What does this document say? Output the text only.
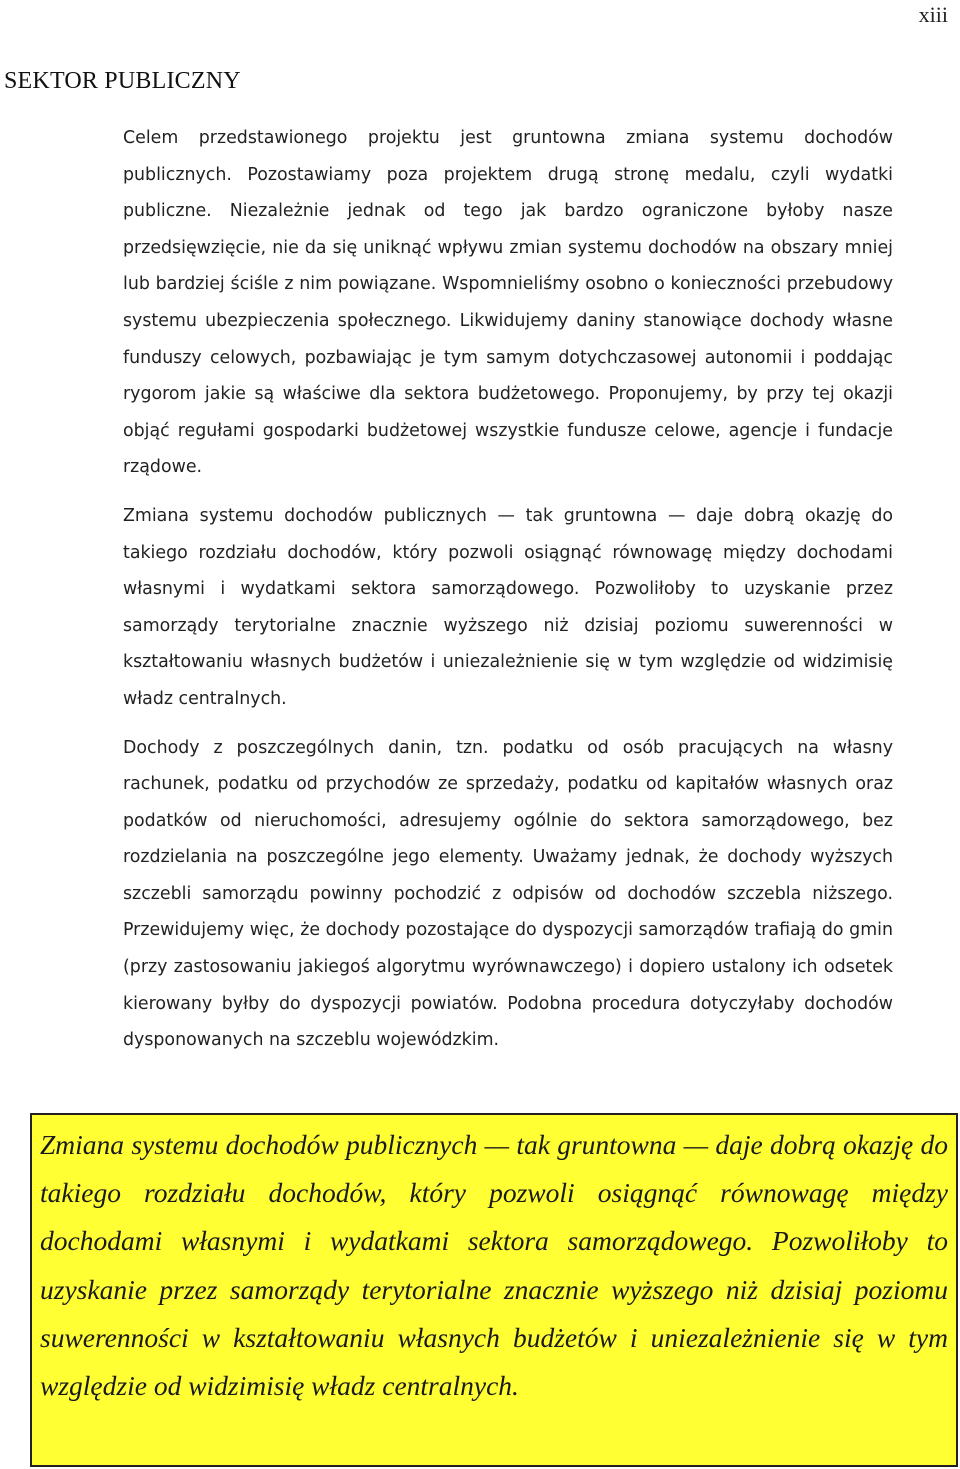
xiii
SEKTOR PUBLICZNY

Celem przedstawionego projektu jest gruntowna zmiana systemu dochodów publicznych. Pozostawiamy poza projektem drugą stronę medalu, czyli wydatki publiczne. Niezależnie jednak od tego jak bardzo ograniczone byłoby nasze przedsięwzięcie, nie da się uniknąć wpływu zmian systemu dochodów na obszary mniej lub bardziej ściśle z nim powiązane. Wspomnieliśmy osobno o konieczności przebudowy systemu ubezpieczenia społecznego. Likwidujemy daniny stanowiące dochody własne funduszy celowych, pozbawiając je tym samym dotychczasowej autonomii i poddając rygorom jakie są właściwe dla sektora budżetowego. Proponujemy, by przy tej okazji objąć regułami gospodarki budżetowej wszystkie fundusze celowe, agencje i fundacje rządowe.

Zmiana systemu dochodów publicznych — tak gruntowna — daje dobrą okazję do takiego rozdziału dochodów, który pozwoli osiągnąć równowagę między dochodami własnymi i wydatkami sektora samorządowego. Pozwoliłoby to uzyskanie przez samorządy terytorialne znacznie wyższego niż dzisiaj poziomu suwerenności w kształtowaniu własnych budżetów i uniezależnienie się w tym względzie od widzimisię władz centralnych.

Dochody z poszczególnych danin, tzn. podatku od osób pracujących na własny rachunek, podatku od przychodów ze sprzedaży, podatku od kapitałów własnych oraz podatków od nieruchomości, adresujemy ogólnie do sektora samorządowego, bez rozdzielania na poszczególne jego elementy. Uważamy jednak, że dochody wyższych szczebli samorządu powinny pochodzić z odpisów od dochodów szczebla niższego. Przewidujemy więc, że dochody pozostające do dyspozycji samorządów trafiają do gmin (przy zastosowaniu jakiegoś algorytmu wyrównawczego) i dopiero ustalony ich odsetek kierowany byłby do dyspozycji powiatów. Podobna procedura dotyczyłaby dochodów dysponowanych na szczeblu wojewódzkim.

Zmiana systemu dochodów publicznych — tak gruntowna — daje dobrą okazję do takiego rozdziału dochodów, który pozwoli osiągnąć równowagę między dochodami własnymi i wydatkami sektora samorządowego. Pozwoliłoby to uzyskanie przez samorządy terytorialne znacznie wyższego niż dzisiaj poziomu suwerenności w kształtowaniu własnych budżetów i uniezależnienie się w tym względzie od widzimisię władz centralnych.
